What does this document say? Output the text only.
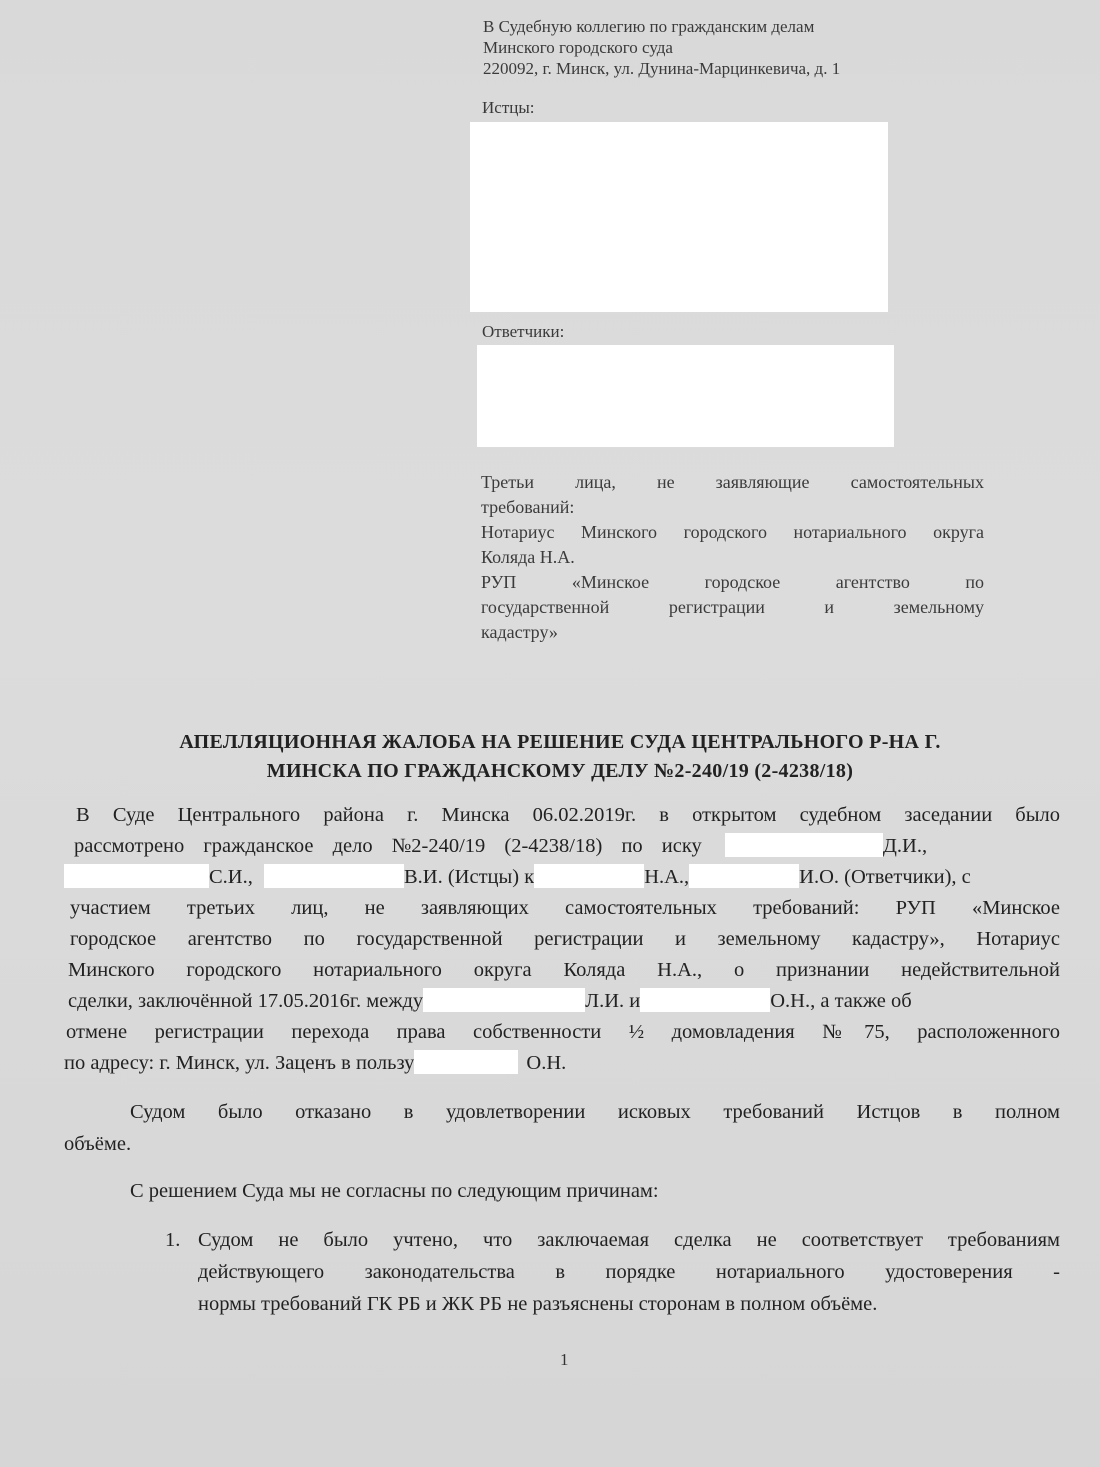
В Судебную коллегию по гражданским делам
Минского городского суда
220092, г. Минск, ул. Дунина-Марцинкевича, д. 1
Истцы:
Ответчики:
Третьи лица, не заявляющие самостоятельных
требований:
Нотариус Минского городского нотариального округа
Коляда Н.А.
РУП «Минское городское агентство по
государственной регистрации и земельному
кадастру»
АПЕЛЛЯЦИОННАЯ ЖАЛОБА НА РЕШЕНИЕ СУДА ЦЕНТРАЛЬНОГО Р-НА Г.
МИНСКА ПО ГРАЖДАНСКОМУ ДЕЛУ №2-240/19 (2-4238/18)
В Суде Центрального района г. Минска 06.02.2019г. в открытом судебном заседании было
рассмотрено гражданское дело №2-240/19 (2-4238/18) по иску	Д.И.,
С.И.,	В.И. (Истцы) к	Н.А.,	И.О. (Ответчики), с
участием третьих лиц, не заявляющих самостоятельных требований: РУП «Минское
городское агентство по государственной регистрации и земельному кадастру», Нотариус
Минского городского нотариального округа Коляда Н.А., о признании недействительной
сделки, заключённой 17.05.2016г. между	Л.И. и	О.Н., а также об
отмене регистрации перехода права собственности ½ домовладения №75, расположенного
по адресу: г. Минск, ул. Заценъ в пользу	О.Н.
Судом было отказано в удовлетворении исковых требований Истцов в полном
объёме.
С решением Суда мы не согласны по следующим причинам:
1. Судом не было учтено, что заключаемая сделка не соответствует требованиям
действующего законодательства в порядке нотариального удостоверения -
нормы требований ГК РБ и ЖК РБ не разъяснены сторонам в полном объёме.
1
